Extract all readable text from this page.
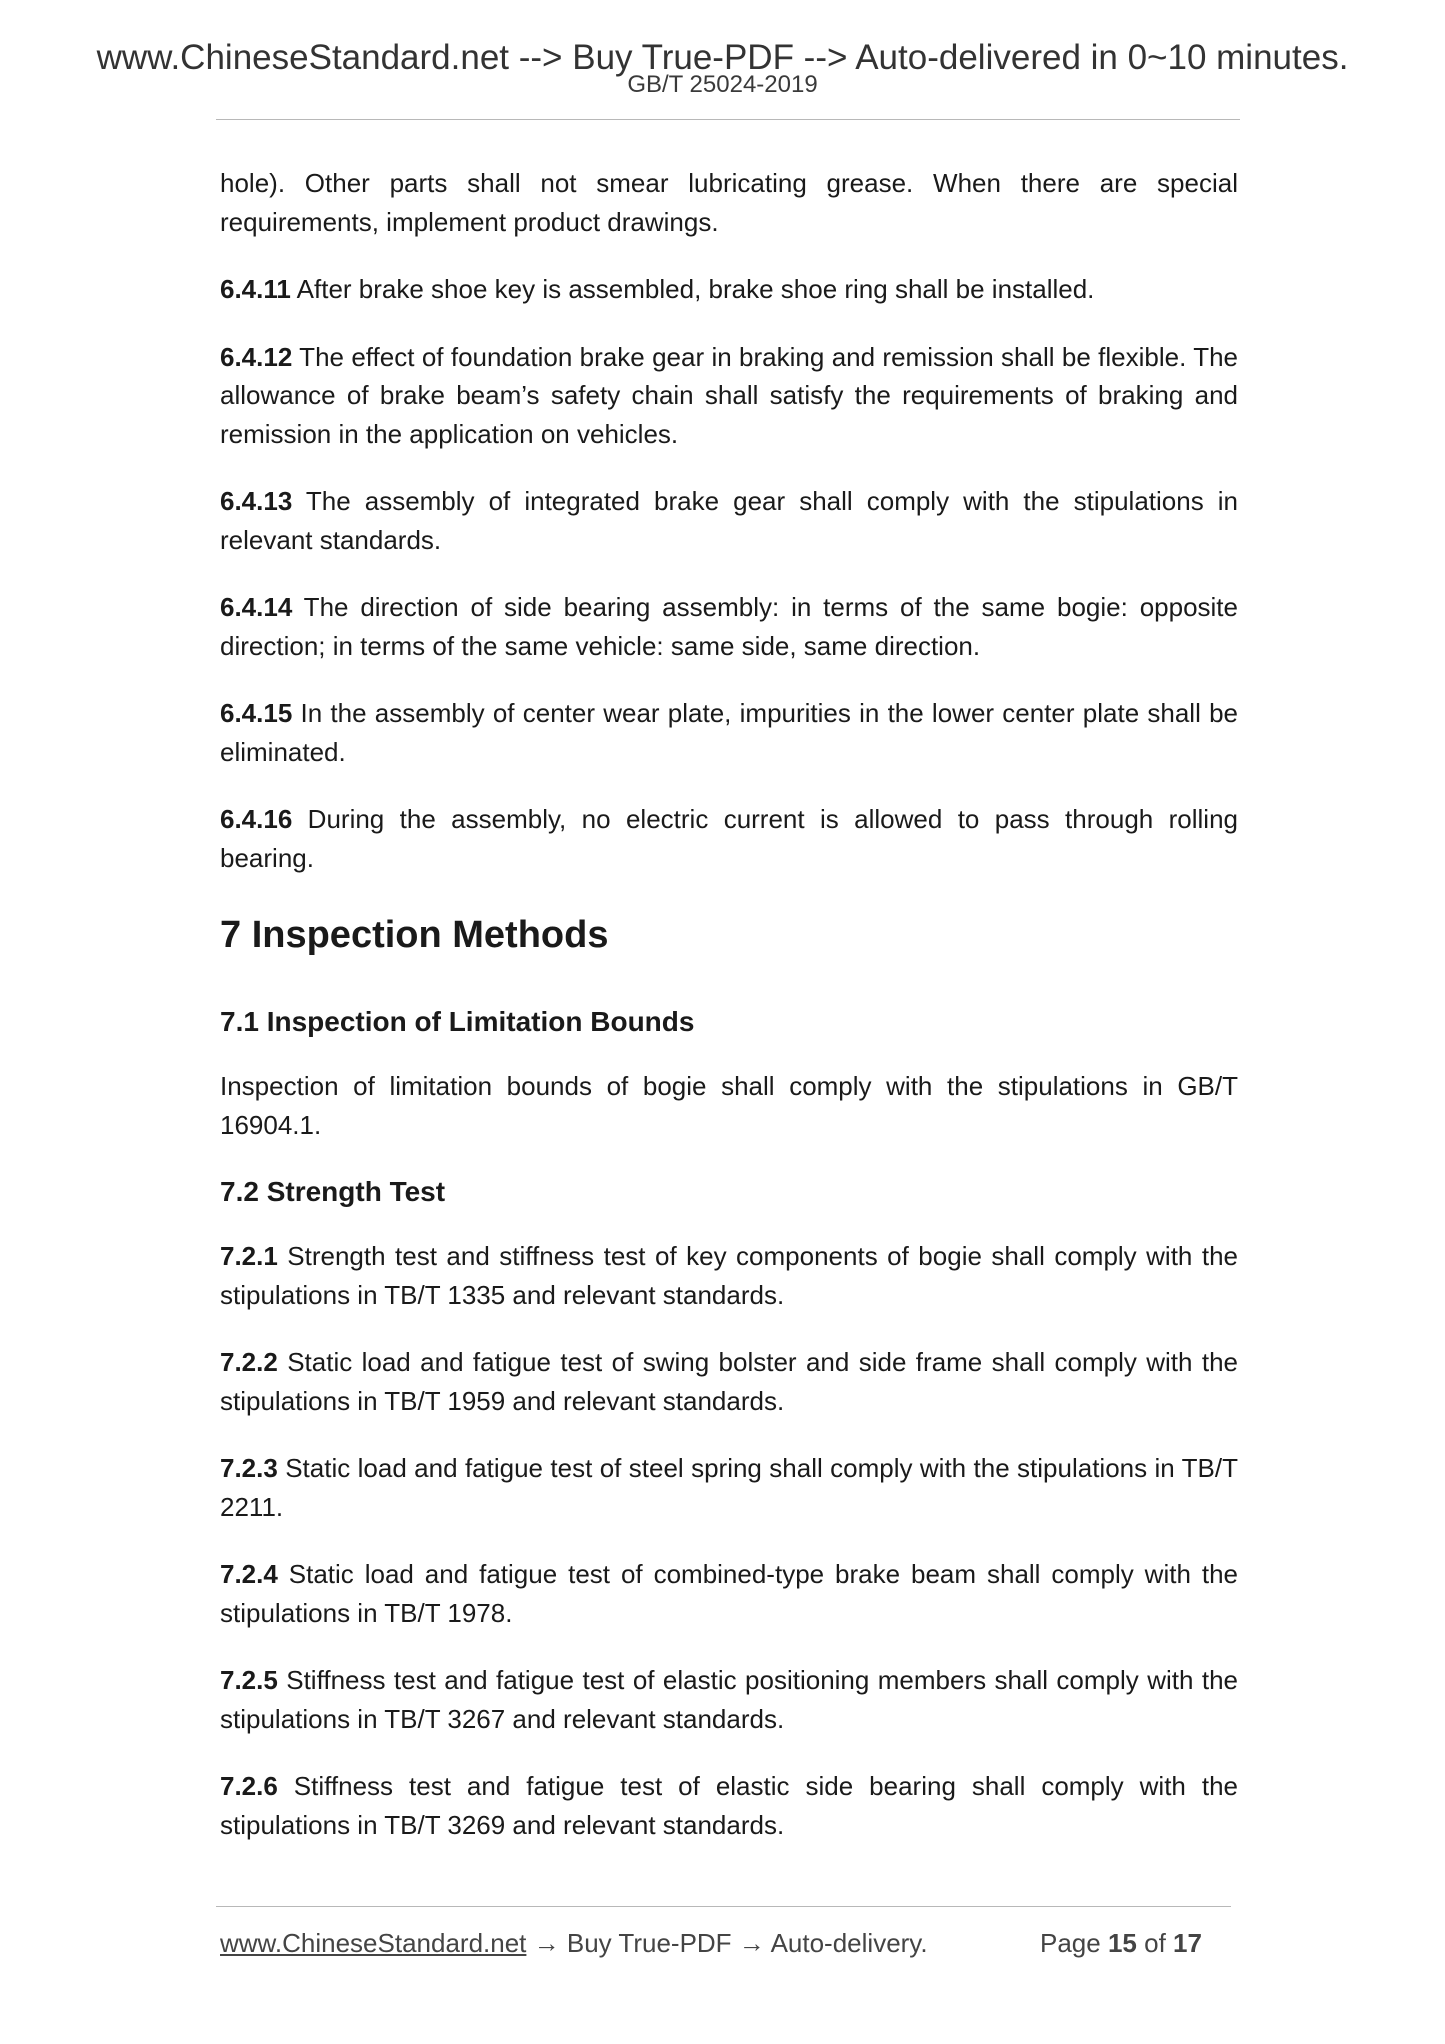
www.ChineseStandard.net --> Buy True-PDF --> Auto-delivered in 0~10 minutes.
GB/T 25024-2019

hole). Other parts shall not smear lubricating grease. When there are special requirements, implement product drawings.

6.4.11 After brake shoe key is assembled, brake shoe ring shall be installed.

6.4.12 The effect of foundation brake gear in braking and remission shall be flexible. The allowance of brake beam’s safety chain shall satisfy the requirements of braking and remission in the application on vehicles.

6.4.13 The assembly of integrated brake gear shall comply with the stipulations in relevant standards.

6.4.14 The direction of side bearing assembly: in terms of the same bogie: opposite direction; in terms of the same vehicle: same side, same direction.

6.4.15 In the assembly of center wear plate, impurities in the lower center plate shall be eliminated.

6.4.16 During the assembly, no electric current is allowed to pass through rolling bearing.

7 Inspection Methods
7.1 Inspection of Limitation Bounds

Inspection of limitation bounds of bogie shall comply with the stipulations in GB/T 16904.1.

7.2 Strength Test

7.2.1 Strength test and stiffness test of key components of bogie shall comply with the stipulations in TB/T 1335 and relevant standards.

7.2.2 Static load and fatigue test of swing bolster and side frame shall comply with the stipulations in TB/T 1959 and relevant standards.

7.2.3 Static load and fatigue test of steel spring shall comply with the stipulations in TB/T 2211.

7.2.4 Static load and fatigue test of combined-type brake beam shall comply with the stipulations in TB/T 1978.

7.2.5 Stiffness test and fatigue test of elastic positioning members shall comply with the stipulations in TB/T 3267 and relevant standards.

7.2.6 Stiffness test and fatigue test of elastic side bearing shall comply with the stipulations in TB/T 3269 and relevant standards.

www.ChineseStandard.net → Buy True-PDF → Auto-delivery.	Page 15 of 17
